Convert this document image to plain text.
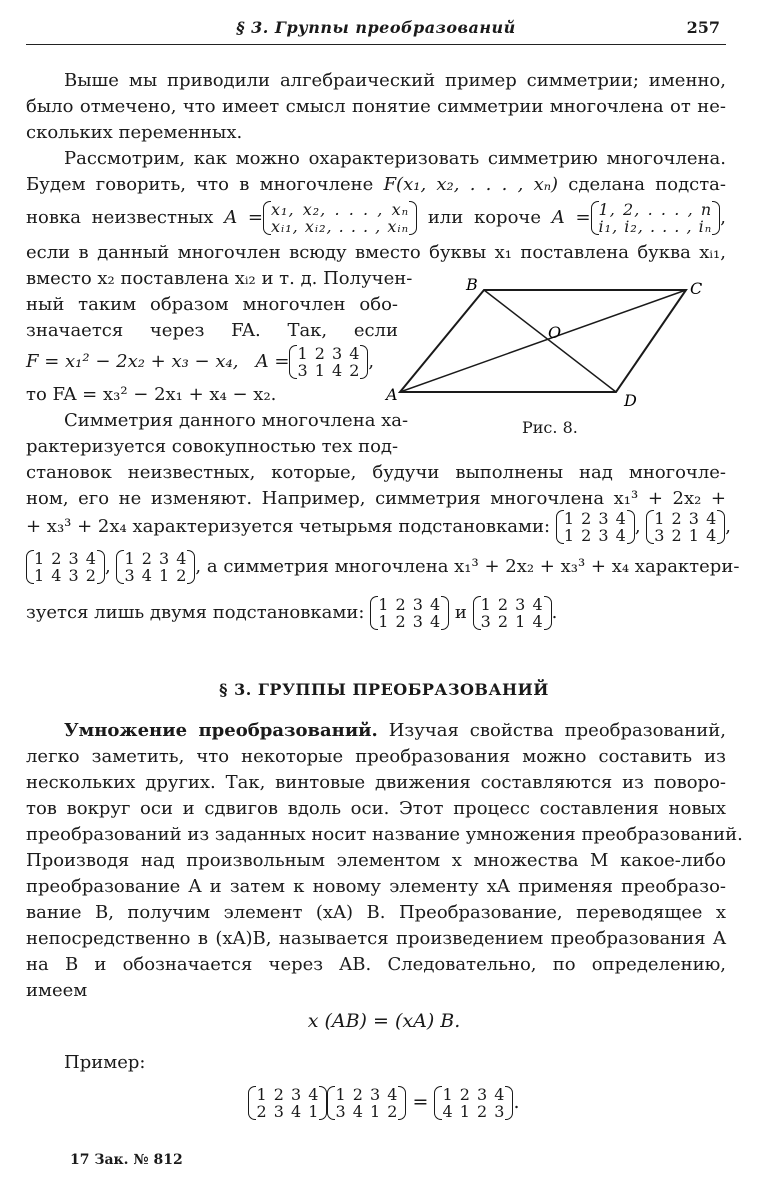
§ 3. Группы преобразований	257
Выше мы приводили алгебраический пример симметрии; именно,
было отмечено, что имеет смысл понятие симметрии многочлена от не-
скольких переменных.
Рассмотрим, как можно охарактеризовать симметрию многочлена.
Будем говорить, что в многочлене F(x₁, x₂, . . . , xₙ) сделана подста-
новка неизвестных A = x₁, x₂, . . . , xₙ
xᵢ₁, xᵢ₂, . . . , xᵢₙ или короче A = 1, 2, . . . , n
i₁, i₂, . . . , iₙ ,
если в данный многочлен всюду вместо буквы x₁ поставлена буква xᵢ₁,
вместо x₂ поставлена xᵢ₂ и т. д. Получен-
ный таким образом многочлен обо-
значается через FA. Так, если
F = x₁² − 2x₂ + x₃ − x₄, A = 1 2 3 4
3 1 4 2 ,
то FA = x₃² − 2x₁ + x₄ − x₂.
Симметрия данного многочлена ха-
рактеризуется совокупностью тех под-
становок неизвестных, которые, будучи выполнены над многочле-
ном, его не изменяют. Например, симметрия многочлена x₁³ + 2x₂ +
+ x₃³ + 2x₄ характеризуется четырьмя подстановками: 1 2 3 4
1 2 3 4 , 1 2 3 4
3 2 1 4 ,
1 2 3 4
1 4 3 2 , 1 2 3 4
3 4 1 2 , а симметрия многочлена x₁³ + 2x₂ + x₃³ + x₄ характери-
зуется лишь двумя подстановками: 1 2 3 4
1 2 3 4 и 1 2 3 4
3 2 1 4 .
A
B	C
D
O
Рис. 8.
§ 3. ГРУППЫ ПРЕОБРАЗОВАНИЙ
Умножение преобразований. Изучая свойства преобразований,
легко заметить, что некоторые преобразования можно составить из
нескольких других. Так, винтовые движения составляются из поворо-
тов вокруг оси и сдвигов вдоль оси. Этот процесс составления новых
преобразований из заданных носит название умножения преобразований.
Производя над произвольным элементом x множества M какое-либо
преобразование A и затем к новому элементу xA применяя преобразо-
вание B, получим элемент (xA) B. Преобразование, переводящее x
непосредственно в (xA)B, называется произведением преобразования A
на B и обозначается через AB. Следовательно, по определению,
имеем
x (AB) = (xA) B.
Пример:
1 2 3 4
2 3 4 1
1 2 3 4
3 4 1 2 = 1 2 3 4
4 1 2 3 .
17 Зак. № 812
